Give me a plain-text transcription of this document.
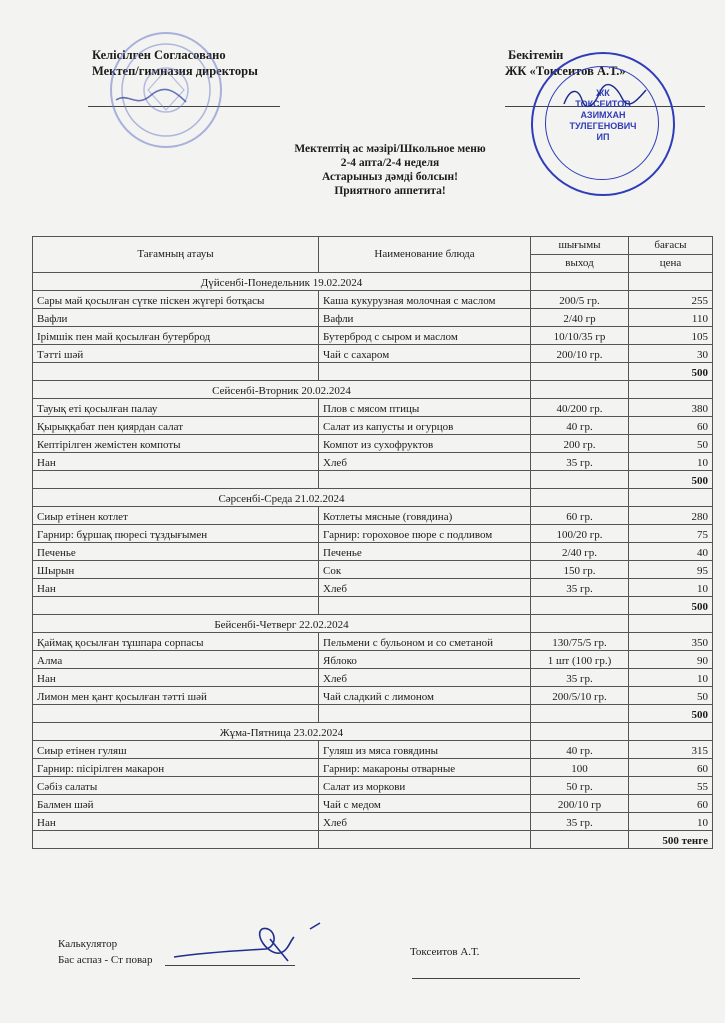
Келісілген Согласовано
Мектеп/гимназия директоры
Бекітемін
ЖК «Токсеитов А.Т.»
ЖК
ТОКСЕИТОВ
АЗИМХАН
ТУЛЕГЕНОВИЧ
ИП
Мектептің ас мәзірі/Школьное меню
2-4 апта/2-4 неделя
Астарыныз дәмді болсын!
Приятного аппетита!
Тағамның атауы	Наименование блюда	шығымы	бағасы
		выход	цена
Дүйсенбі-Понедельник 19.02.2024			
Сары май қосылған сүтке піскен жүгері ботқасы	Каша кукурузная молочная с маслом	200/5 гр.	255
Вафли	Вафли	2/40 гр	110
Ірімшік пен май қосылған бутерброд	Бутерброд с сыром и маслом	10/10/35 гр	105
Тәтті шәй	Чай с сахаром	200/10 гр.	30
			500
Сейсенбі-Вторник 20.02.2024			
Тауық еті қосылған палау	Плов с мясом птицы	40/200 гр.	380
Қырыққабат пен қиярдан салат	Салат из капусты и огурцов	40 гр.	60
Кептірілген жемістен компоты	Компот из сухофруктов	200 гр.	50
Нан	Хлеб	35 гр.	10
			500
Сәрсенбі-Среда 21.02.2024			
Сиыр етінен котлет	Котлеты мясные (говядина)	60 гр.	280
Гарнир: бұршақ пюресі тұздығымен	Гарнир: гороховое пюре с подливом	100/20 гр.	75
Печенье	Печенье	2/40 гр.	40
Шырын	Сок	150 гр.	95
Нан	Хлеб	35 гр.	10
			500
Бейсенбі-Четверг 22.02.2024			
Қаймақ қосылған тұшпара сорпасы	Пельмени с бульоном и со сметаной	130/75/5 гр.	350
Алма	Яблоко	1 шт (100 гр.)	90
Нан	Хлеб	35 гр.	10
Лимон мен қант қосылған тәтті шәй	Чай сладкий с лимоном	200/5/10 гр.	50
			500
Жұма-Пятница 23.02.2024			
Сиыр етінен гуляш	Гуляш из мяса говядины	40 гр.	315
Гарнир: пісірілген макарон	Гарнир: макароны отварные	100	60
Сәбіз салаты	Салат из моркови	50 гр.	55
Балмен шәй	Чай с медом	200/10 гр	60
Нан	Хлеб	35 гр.	10
			500 тенге
Калькулятор
Бас аспаз - Ст повар
Токсеитов А.Т.
